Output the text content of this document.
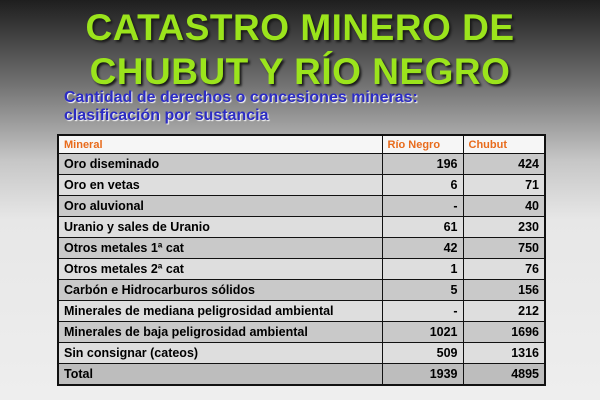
CATASTRO MINERO DE
CHUBUT Y RÍO NEGRO
Cantidad de derechos o concesiones mineras:
clasificación por sustancia
Mineral	Río Negro	Chubut
Oro diseminado	196	424
Oro en vetas	6	71
Oro aluvional	-	40
Uranio y sales de Uranio	61	230
Otros metales 1ª cat	42	750
Otros metales 2ª cat	1	76
Carbón e Hidrocarburos sólidos	5	156
Minerales de mediana peligrosidad ambiental	-	212
Minerales de baja peligrosidad ambiental	1021	1696
Sin consignar (cateos)	509	1316
Total	1939	4895
